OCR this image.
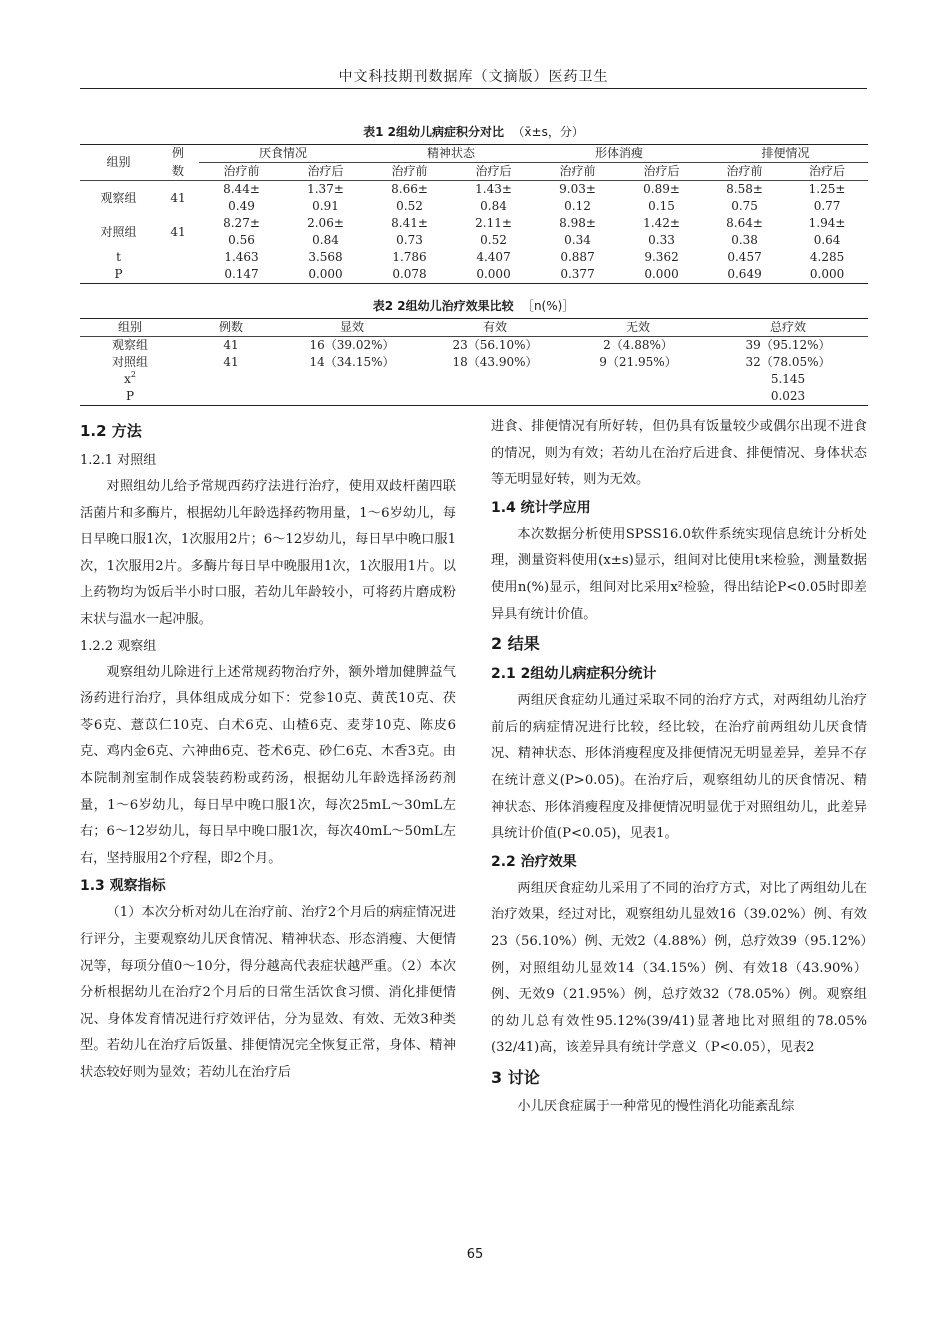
中文科技期刊数据库（文摘版）医药卫生
表1 2组幼儿病症积分对比 （x̄±s，分）
组别	例	厌食情况		精神状态		形体消瘦		排便情况	
	数	治疗前	治疗后	治疗前	治疗后	治疗前	治疗后	治疗前	治疗后
观察组	41	8.44±	1.37±	8.66±	1.43±	9.03±	0.89±	8.58±	1.25±
		0.49	0.91	0.52	0.84	0.12	0.15	0.75	0.77
对照组	41	8.27±	2.06±	8.41±	2.11±	8.98±	1.42±	8.64±	1.94±
		0.56	0.84	0.73	0.52	0.34	0.33	0.38	0.64
t		1.463	3.568	1.786	4.407	0.887	9.362	0.457	4.285
P		0.147	0.000	0.078	0.000	0.377	0.000	0.649	0.000
表2 2组幼儿治疗效果比较 ［n(%)］
组别	例数	显效	有效	无效	总疗效
观察组	41	16（39.02%）	23（56.10%）	2（4.88%）	39（95.12%）
对照组	41	14（34.15%）	18（43.90%）	9（21.95%）	32（78.05%）
$x^2$					5.145
P					0.023
1.2 方法
1.2.1 对照组

对照组幼儿给予常规西药疗法进行治疗，使用双歧杆菌四联活菌片和多酶片，根据幼儿年龄选择药物用量，1～6岁幼儿，每日早晚口服1次，1次服用2片；6～12岁幼儿，每日早中晚口服1次，1次服用2片。多酶片每日早中晚服用1次，1次服用1片。以上药物均为饭后半小时口服，若幼儿年龄较小，可将药片磨成粉末状与温水一起冲服。

1.2.2 观察组

观察组幼儿除进行上述常规药物治疗外，额外增加健脾益气汤药进行治疗，具体组成成分如下：党参10克、黄芪10克、茯苓6克、薏苡仁10克、白术6克、山楂6克、麦芽10克、陈皮6克、鸡内金6克、六神曲6克、苍术6克、砂仁6克、木香3克。由本院制剂室制作成袋装药粉或药汤，根据幼儿年龄选择汤药剂量，1～6岁幼儿，每日早中晚口服1次，每次25mL～30mL左右；6～12岁幼儿，每日早中晚口服1次，每次40mL～50mL左右，坚持服用2个疗程，即2个月。

1.3 观察指标

（1）本次分析对幼儿在治疗前、治疗2个月后的病症情况进行评分，主要观察幼儿厌食情况、精神状态、形态消瘦、大便情况等，每项分值0～10分，得分越高代表症状越严重。（2）本次分析根据幼儿在治疗2个月后的日常生活饮食习惯、消化排便情况、身体发育情况进行疗效评估，分为显效、有效、无效3种类型。若幼儿在治疗后饭量、排便情况完全恢复正常，身体、精神状态较好则为显效；若幼儿在治疗后

进食、排便情况有所好转，但仍具有饭量较少或偶尔出现不进食的情况，则为有效；若幼儿在治疗后进食、排便情况、身体状态等无明显好转，则为无效。

1.4 统计学应用

本次数据分析使用SPSS16.0软件系统实现信息统计分析处理，测量资料使用(x±s)显示，组间对比使用t来检验，测量数据使用n(%)显示，组间对比采用x²检验，得出结论P<0.05时即差异具有统计价值。

2 结果
2.1 2组幼儿病症积分统计

两组厌食症幼儿通过采取不同的治疗方式，对两组幼儿治疗前后的病症情况进行比较，经比较，在治疗前两组幼儿厌食情况、精神状态、形体消瘦程度及排便情况无明显差异，差异不存在统计意义(P>0.05)。在治疗后，观察组幼儿的厌食情况、精神状态、形体消瘦程度及排便情况明显优于对照组幼儿，此差异具统计价值(P<0.05)，见表1。

2.2 治疗效果

两组厌食症幼儿采用了不同的治疗方式，对比了两组幼儿在治疗效果，经过对比，观察组幼儿显效16（39.02%）例、有效23（56.10%）例、无效2（4.88%）例，总疗效39（95.12%）例，对照组幼儿显效14（34.15%）例、有效18（43.90%）例、无效9（21.95%）例，总疗效32（78.05%）例。观察组的幼儿总有效性95.12%(39/41)显著地比对照组的78.05%(32/41)高，该差异具有统计学意义（P<0.05），见表2

3 讨论

小儿厌食症属于一种常见的慢性消化功能紊乱综

65
